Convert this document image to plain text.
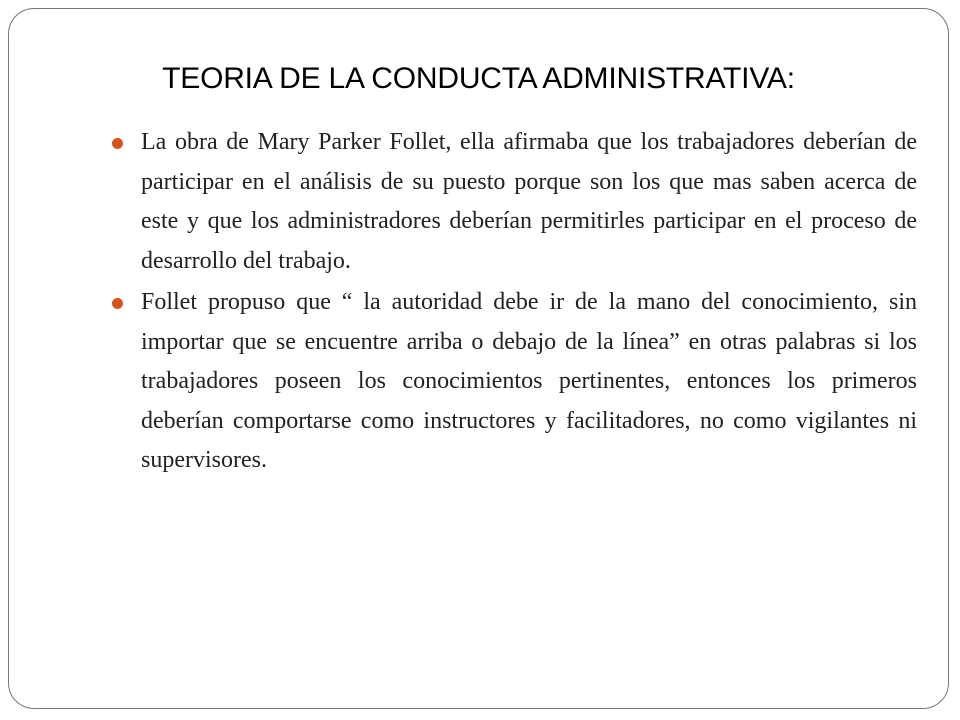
TEORIA DE LA CONDUCTA ADMINISTRATIVA:
La obra de Mary Parker Follet, ella afirmaba que los trabajadores deberían de participar en el análisis de su puesto porque son los que mas saben acerca de este y que los administradores deberían permitirles participar en el proceso de desarrollo del trabajo.
Follet propuso que “ la autoridad debe ir de la mano del conocimiento, sin importar que se encuentre arriba o debajo de la línea” en otras palabras si los trabajadores poseen los conocimientos pertinentes, entonces los primeros deberían comportarse como instructores y facilitadores, no como vigilantes ni supervisores.
